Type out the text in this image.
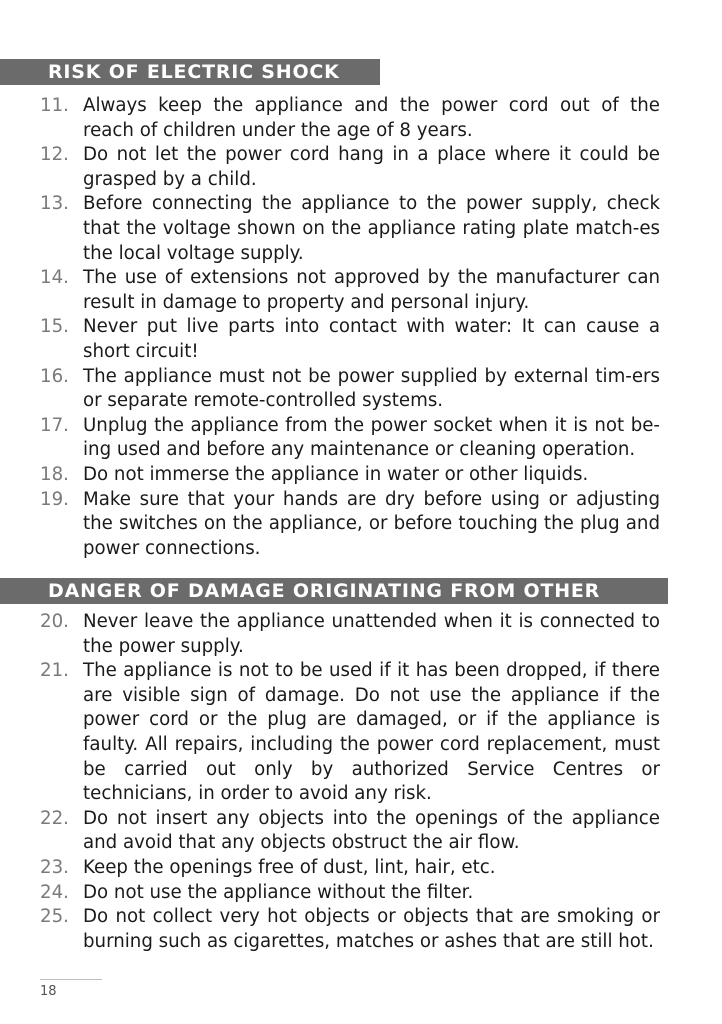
RISK OF ELECTRIC SHOCK
11. Always keep the appliance and the power cord out of the reach of children under the age of 8 years.
12. Do not let the power cord hang in a place where it could be grasped by a child.
13. Before connecting the appliance to the power supply, check that the voltage shown on the appliance rating plate match-es the local voltage supply.
14. The use of extensions not approved by the manufacturer can result in damage to property and personal injury.
15. Never put live parts into contact with water: It can cause a short circuit!
16. The appliance must not be power supplied by external tim-ers or separate remote-controlled systems.
17. Unplug the appliance from the power socket when it is not be-ing used and before any maintenance or cleaning operation.
18. Do not immerse the appliance in water or other liquids.
19. Make sure that your hands are dry before using or adjusting the switches on the appliance, or before touching the plug and power connections.
DANGER OF DAMAGE ORIGINATING FROM OTHER
20. Never leave the appliance unattended when it is connected to the power supply.
21. The appliance is not to be used if it has been dropped, if there are visible sign of damage. Do not use the appliance if the power cord or the plug are damaged, or if the appliance is faulty. All repairs, including the power cord replacement, must be carried out only by authorized Service Centres or technicians, in order to avoid any risk.
22. Do not insert any objects into the openings of the appliance and avoid that any objects obstruct the air flow.
23. Keep the openings free of dust, lint, hair, etc.
24. Do not use the appliance without the filter.
25. Do not collect very hot objects or objects that are smoking or burning such as cigarettes, matches or ashes that are still hot.
18
